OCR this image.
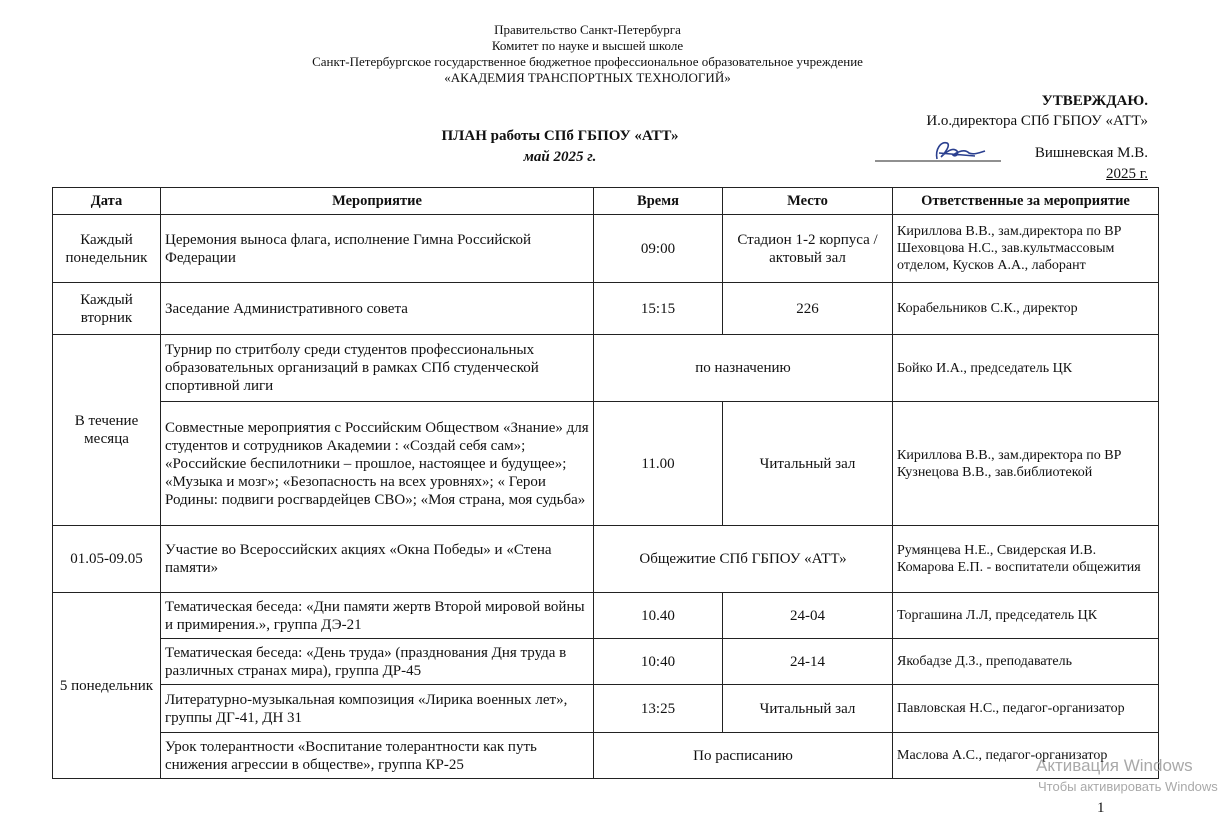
Правительство Санкт-Петербурга
Комитет по науке и высшей школе
Санкт-Петербургское государственное бюджетное профессиональное образовательное учреждение
«АКАДЕМИЯ ТРАНСПОРТНЫХ ТЕХНОЛОГИЙ»
ПЛАН работы СПб ГБПОУ «АТТ»
май 2025 г.
УТВЕРЖДАЮ.
И.о.директора СПб ГБПОУ «АТТ»
Вишневская М.В.
2025 г.
Дата	Мероприятие	Время	Место	Ответственные за мероприятие
Каждый понедельник	Церемония выноса флага, исполнение Гимна Российской Федерации	09:00	Стадион 1-2 корпуса / актовый зал	Кириллова В.В., зам.директора по ВР Шеховцова Н.С., зав.культмассовым отделом, Кусков А.А., лаборант
Каждый вторник	Заседание Административного совета	15:15	226	Корабельников С.К., директор
В течение месяца	Турнир по стритболу среди студентов профессиональных образовательных организаций в рамках СПб студенческой спортивной лиги	по назначению		Бойко И.А., председатель ЦК
	Совместные мероприятия с Российским Обществом «Знание» для студентов и сотрудников Академии : «Создай себя сам»; «Российские беспилотники – прошлое, настоящее и будущее»; «Музыка и мозг»; «Безопасность на всех уровнях»; « Герои Родины: подвиги росгвардейцев СВО»; «Моя страна, моя судьба»	11.00	Читальный зал	Кириллова В.В., зам.директора по ВР Кузнецова В.В., зав.библиотекой
01.05-09.05	Участие во Всероссийских акциях «Окна Победы» и «Стена памяти»	Общежитие СПб ГБПОУ «АТТ»		Румянцева Н.Е., Свидерская И.В. Комарова Е.П. - воспитатели общежития
5 понедельник	Тематическая беседа: «Дни памяти жертв Второй мировой войны и примирения.», группа ДЭ-21	10.40	24-04	Торгашина Л.Л, председатель ЦК
	Тематическая беседа: «День труда» (празднования Дня труда в различных странах мира), группа ДР-45	10:40	24-14	Якобадзе Д.З., преподаватель
	Литературно-музыкальная композиция «Лирика военных лет», группы ДГ-41, ДН 31	13:25	Читальный зал	Павловская Н.С., педагог-организатор
	Урок толерантности «Воспитание толерантности как путь снижения агрессии в обществе», группа КР-25	По расписанию		Маслова А.С., педагог-организатор
Активация Windows
Чтобы активировать Windows
1
